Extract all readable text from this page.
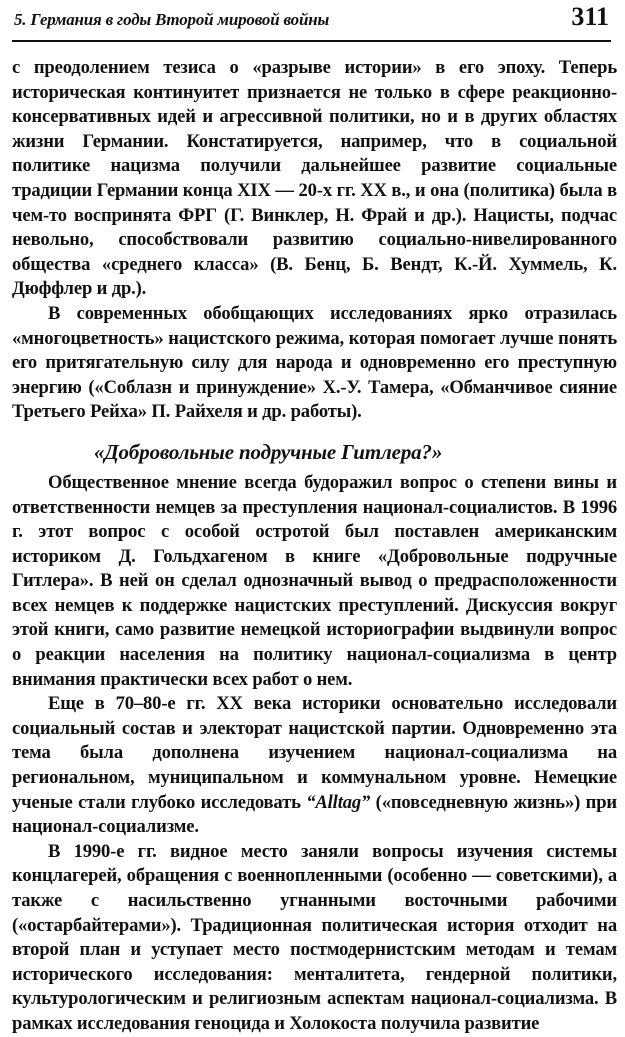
5. Германия в годы Второй мировой войны	311

с преодолением тезиса о «разрыве истории» в его эпоху. Теперь историческая континуитет признается не только в сфере реакционно-консервативных идей и агрессивной политики, но и в других областях жизни Германии. Констатируется, например, что в социальной политике нацизма получили дальнейшее развитие социальные традиции Германии конца XIX — 20-х гг. XX в., и она (политика) была в чем-то воспринята ФРГ (Г. Винклер, Н. Фрай и др.). Нацисты, подчас невольно, способствовали развитию социально-нивелированного общества «среднего класса» (В. Бенц, Б. Вендт, К.-Й. Хуммель, К. Дюффлер и др.).

В современных обобщающих исследованиях ярко отразилась «многоцветность» нацистского режима, которая помогает лучше понять его притягательную силу для народа и одновременно его преступную энергию («Соблазн и принуждение» Х.-У. Тамера, «Обманчивое сияние Третьего Рейха» П. Райхеля и др. работы).

«Добровольные подручные Гитлера?»

Общественное мнение всегда будоражил вопрос о степени вины и ответственности немцев за преступления национал-социалистов. В 1996 г. этот вопрос с особой остротой был поставлен американским историком Д. Гольдхагеном в книге «Добровольные подручные Гитлера». В ней он сделал однозначный вывод о предрасположенности всех немцев к поддержке нацистских преступлений. Дискуссия вокруг этой книги, само развитие немецкой историографии выдвинули вопрос о реакции населения на политику национал-социализма в центр внимания практически всех работ о нем.

Еще в 70–80-е гг. XX века историки основательно исследовали социальный состав и электорат нацистской партии. Одновременно эта тема была дополнена изучением национал-социализма на региональном, муниципальном и коммунальном уровне. Немецкие ученые стали глубоко исследовать “Alltag” («повседневную жизнь») при национал-социализме.

В 1990-е гг. видное место заняли вопросы изучения системы концлагерей, обращения с военнопленными (особенно — советскими), а также с насильственно угнанными восточными рабочими («остарбайтерами»). Традиционная политическая история отходит на второй план и уступает место постмодернистским методам и темам исторического исследования: менталитета, гендерной политики, культурологическим и религиозным аспектам национал-социализма. В рамках исследования геноцида и Холокоста получила развитие
